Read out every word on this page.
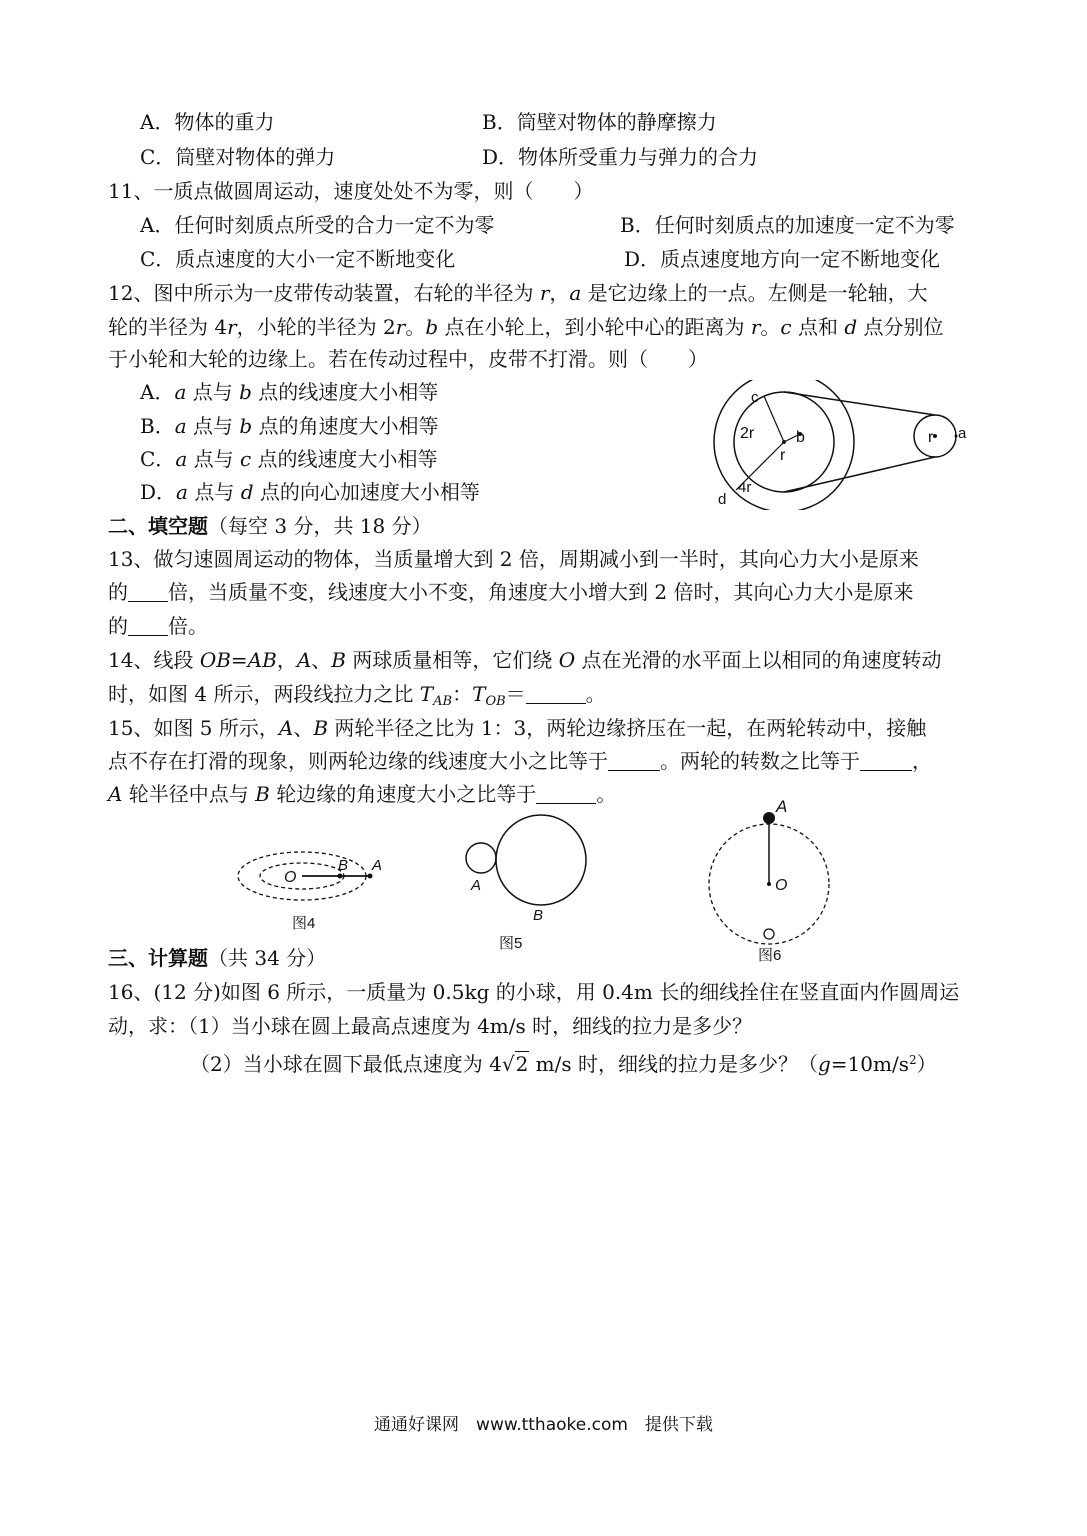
A．物体的重力	B．筒壁对物体的静摩擦力
C．筒壁对物体的弹力	D．物体所受重力与弹力的合力
11、一质点做圆周运动，速度处处不为零，则（　　）
A．任何时刻质点所受的合力一定不为零	B．任何时刻质点的加速度一定不为零
C．质点速度的大小一定不断地变化	D．质点速度地方向一定不断地变化
12、图中所示为一皮带传动装置，右轮的半径为 r，a 是它边缘上的一点。左侧是一轮轴，大
轮的半径为 4r，小轮的半径为 2r。b 点在小轮上，到小轮中心的距离为 r。c 点和 d 点分别位
于小轮和大轮的边缘上。若在传动过程中，皮带不打滑。则（　　）
A．a 点与 b 点的线速度大小相等
B．a 点与 b 点的角速度大小相等
C．a 点与 c 点的线速度大小相等
D．a 点与 d 点的向心加速度大小相等
c
2r	b
r
4r
d
r a
二、填空题（每空 3 分，共 18 分）
13、做匀速圆周运动的物体，当质量增大到 2 倍，周期减小到一半时，其向心力大小是原来
的 倍，当质量不变，线速度大小不变，角速度大小增大到 2 倍时，其向心力大小是原来
的 倍。
14、线段 OB=AB，A、B 两球质量相等，它们绕 O 点在光滑的水平面上以相同的角速度转动
时，如图 4 所示，两段线拉力之比 $T_{AB}$：$T_{OB}=$	。
15、如图 5 所示，A、B 两轮半径之比为 1：3，两轮边缘挤压在一起，在两轮转动中，接触
点不存在打滑的现象，则两轮边缘的线速度大小之比等于	。两轮的转数之比等于	，
A 轮半径中点与 B 轮边缘的角速度大小之比等于	。
O
B A
图4
A
B
图5
A
O
图6
三、计算题（共 34 分）
16、(12 分)如图 6 所示，一质量为 0.5kg 的小球，用 0.4m 长的细线拴住在竖直面内作圆周运
动，求：（1）当小球在圆上最高点速度为 4m/s 时，细线的拉力是多少？
（2）当小球在圆下最低点速度为 4√2 m/s 时，细线的拉力是多少？$(g=10m/s^2)$
通通好课网　www.tthaoke.com　提供下载
